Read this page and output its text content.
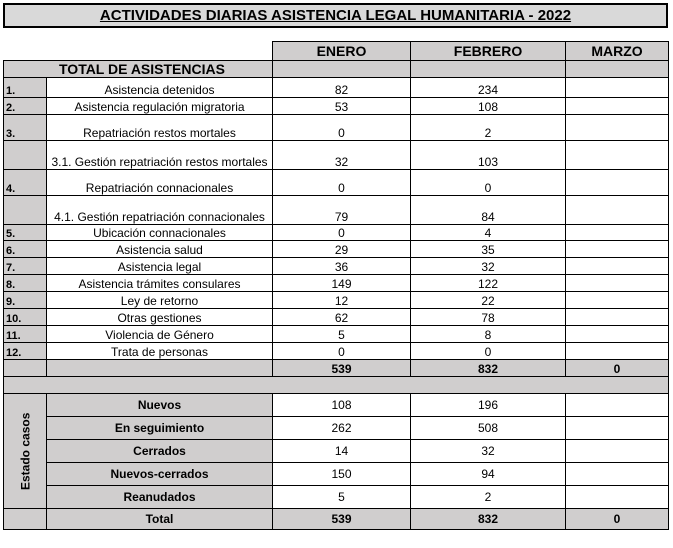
ACTIVIDADES DIARIAS ASISTENCIA LEGAL HUMANITARIA - 2022
		ENERO	FEBRERO	MARZO
TOTAL DE ASISTENCIAS				
1.	Asistencia detenidos	82	234	
2.	Asistencia regulación migratoria	53	108	
3.	Repatriación restos mortales	0	2	
	3.1. Gestión repatriación restos mortales	32	103	
4.	Repatriación connacionales	0	0	
	4.1. Gestión repatriación connacionales	79	84	
5.	Ubicación connacionales	0	4	
6.	Asistencia salud	29	35	
7.	Asistencia legal	36	32	
8.	Asistencia trámites consulares	149	122	
9.	Ley de retorno	12	22	
10.	Otras gestiones	62	78	
11.	Violencia de Género	5	8	
12.	Trata de personas	0	0	
		539	832	0

Estado casos	Nuevos	108	196	
	En seguimiento	262	508	
	Cerrados	14	32	
	Nuevos-cerrados	150	94	
	Reanudados	5	2	
	Total	539	832	0
